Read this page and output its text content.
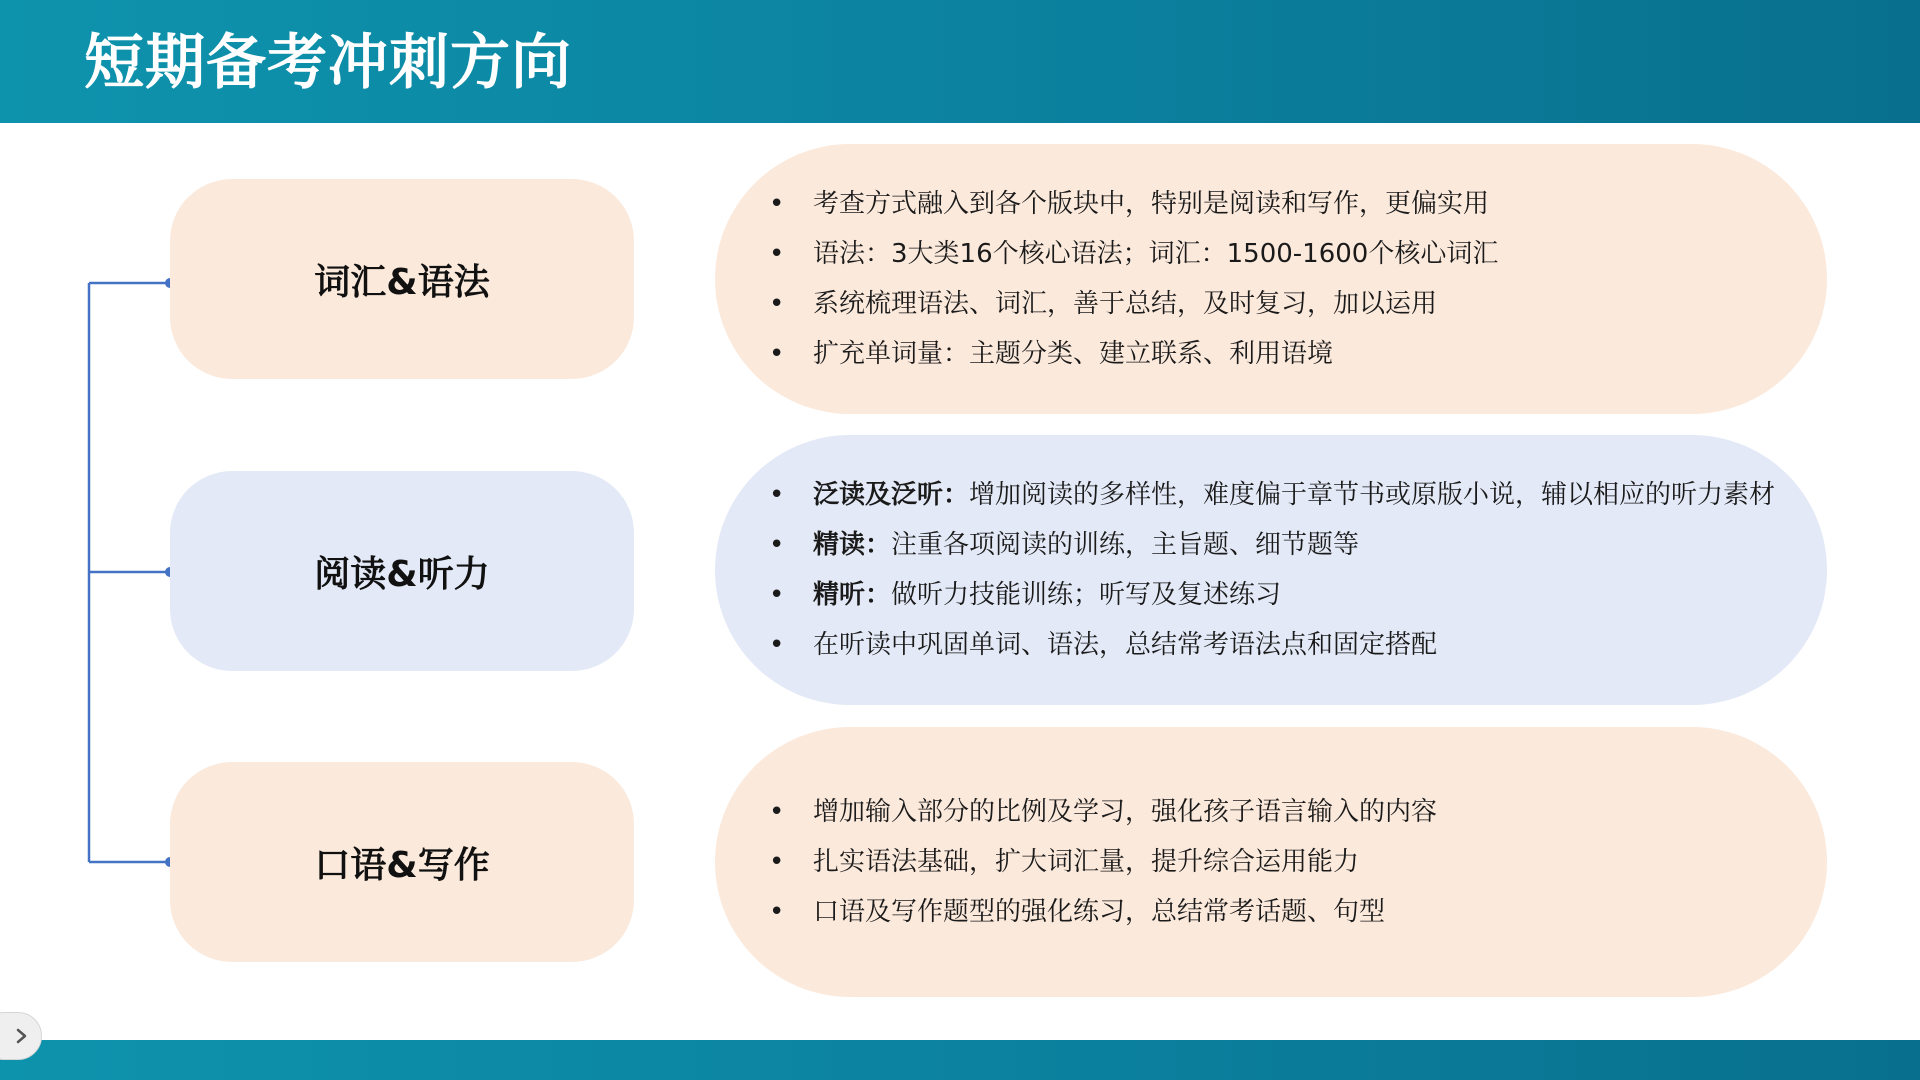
短期备考冲刺方向
词汇&语法
• 考查方式融入到各个版块中，特别是阅读和写作，更偏实用
• 语法：3大类16个核心语法；词汇：1500-1600个核心词汇
• 系统梳理语法、词汇，善于总结，及时复习，加以运用
• 扩充单词量：主题分类、建立联系、利用语境
阅读&听力
• 泛读及泛听：增加阅读的多样性，难度偏于章节书或原版小说，辅以相应的听力素材
• 精读：注重各项阅读的训练，主旨题、细节题等
• 精听：做听力技能训练；听写及复述练习
• 在听读中巩固单词、语法，总结常考语法点和固定搭配
口语&写作
• 增加输入部分的比例及学习，强化孩子语言输入的内容
• 扎实语法基础，扩大词汇量，提升综合运用能力
• 口语及写作题型的强化练习，总结常考话题、句型
